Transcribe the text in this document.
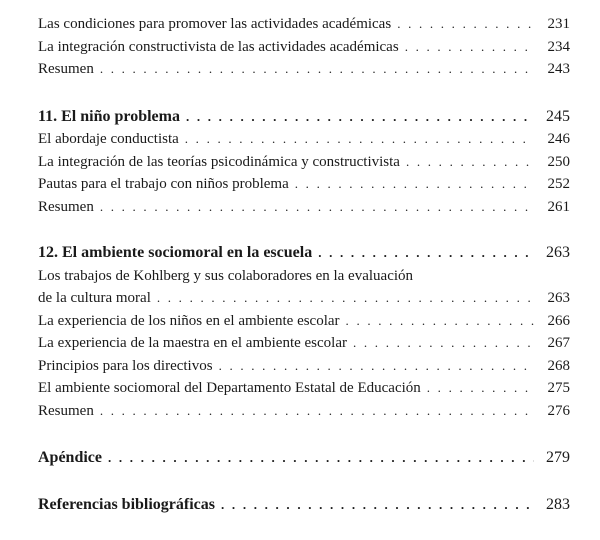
Las condiciones para promover las actividades académicas . . .	231
La integración constructivista de las actividades académicas . . .	234
Resumen . . .	243
11. El niño problema . . .	245
El abordaje conductista . . .	246
La integración de las teorías psicodinámica y constructivista . . .	250
Pautas para el trabajo con niños problema . . .	252
Resumen . . .	261
12. El ambiente sociomoral en la escuela . . .	263
Los trabajos de Kohlberg y sus colaboradores en la evaluación
de la cultura moral . . .	263
La experiencia de los niños en el ambiente escolar . . .	266
La experiencia de la maestra en el ambiente escolar . . .	267
Principios para los directivos . . .	268
El ambiente sociomoral del Departamento Estatal de Educación . . .	275
Resumen . . .	276
Apéndice . . .	279
Referencias bibliográficas . . .	283
